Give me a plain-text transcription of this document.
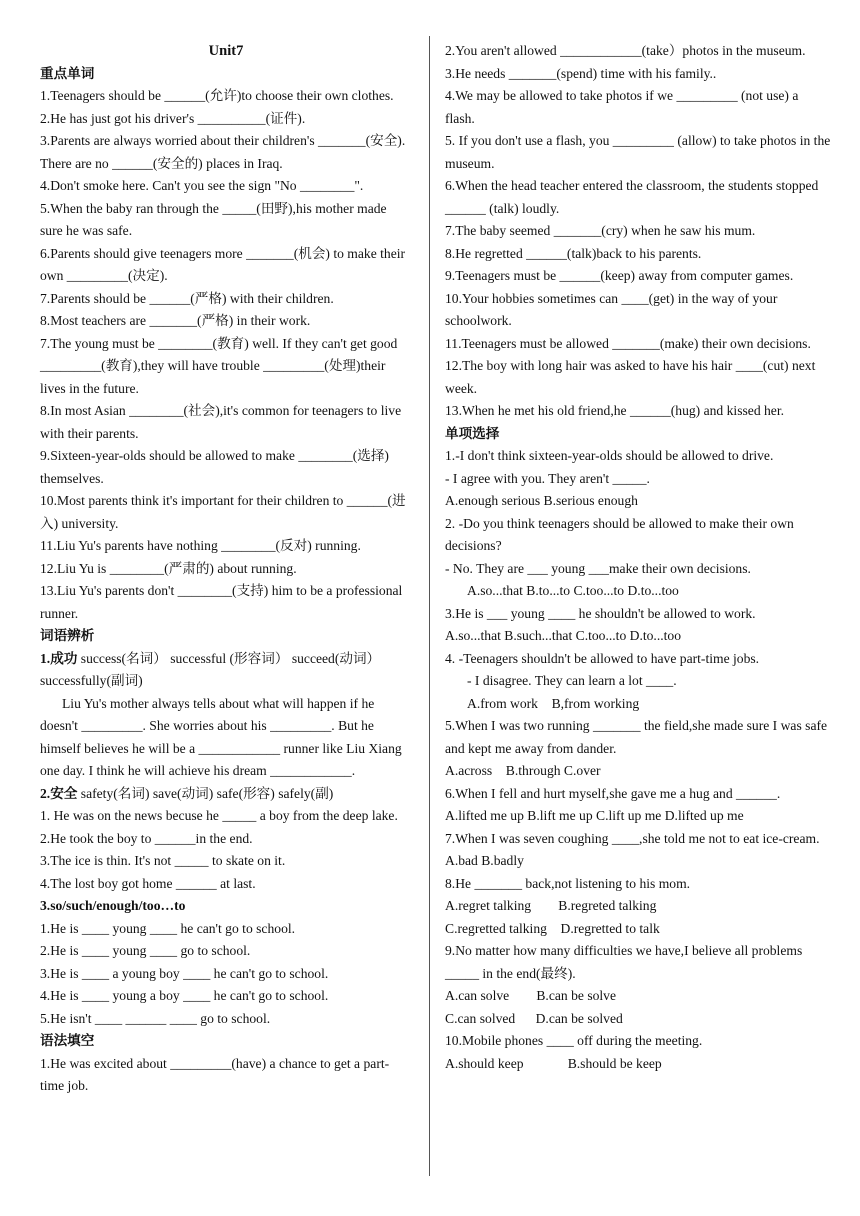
Unit7
重点单词
1.Teenagers should be ______(允许)to choose their own clothes.
2.He has just got his driver's __________(证件).
3.Parents are always worried about their children's _______(安全). There are no ______(安全的) places in Iraq.
4.Don't smoke here. Can't you see the sign "No ________".
5.When the baby ran through the _____(田野),his mother made sure he was safe.
6.Parents should give teenagers more _______(机会) to make their own _________(决定).
7.Parents should be ______(严格) with their children.
8.Most teachers are _______(严格) in their work.
7.The young must be ________(教育) well. If they can't get good _________(教育),they will have trouble _________(处理)their lives in the future.
8.In most Asian ________(社会),it's common for teenagers to live with their parents.
9.Sixteen-year-olds should be allowed to make ________(选择) themselves.
10.Most parents think it's important for their children to ______(进入) university.
11.Liu Yu's parents have nothing ________(反对) running.
12.Liu Yu is ________(严肃的) about running.
13.Liu Yu's parents don't ________(支持) him to be a professional runner.
词语辨析
1.成功 success(名词） successful (形容词） succeed(动词）successfully(副词)
Liu Yu's mother always tells about what will happen if he doesn't _________. She worries about his _________. But he himself believes he will be a ____________ runner like Liu Xiang one day. I think he will achieve his dream ____________.
2.安全 safety(名词) save(动词) safe(形容) safely(副)
1. He was on the news becuse he _____ a boy from the deep lake.
2.He took the boy to ______in the end.
3.The ice is thin. It's not _____ to skate on it.
4.The lost boy got home ______ at last.
3.so/such/enough/too…to
1.He is ____ young ____ he can't go to school.
2.He is ____ young ____ go to school.
3.He is ____ a young boy ____ he can't go to school.
4.He is ____ young a boy ____ he can't go to school.
5.He isn't ____ ______ ____ go to school.
语法填空
1.He was excited about _________(have) a chance to get a part-time job.
2.You aren't allowed ____________(take）photos in the museum.
3.He needs _______(spend) time with his family..
4.We may be allowed to take photos if we _________ (not use) a flash.
5. If you don't use a flash, you _________ (allow) to take photos in the museum.
6.When the head teacher entered the classroom, the students stopped ______ (talk) loudly.
7.The baby seemed _______(cry) when he saw his mum.
8.He regretted ______(talk)back to his parents.
9.Teenagers must be ______(keep) away from computer games.
10.Your hobbies sometimes can ____(get) in the way of your schoolwork.
11.Teenagers must be allowed _______(make) their own decisions.
12.The boy with long hair was asked to have his hair ____(cut) next week.
13.When he met his old friend,he ______(hug) and kissed her.
单项选择
1.-I don't think sixteen-year-olds should be allowed to drive.
- I agree with you. They aren't _____.
A.enough serious B.serious enough
2. -Do you think teenagers should be allowed to make their own decisions?
- No. They are ___ young ___make their own decisions.
A.so...that B.to...to C.too...to D.to...too
3.He is ___ young ____ he shouldn't be allowed to work.
A.so...that B.such...that C.too...to D.to...too
4. -Teenagers shouldn't be allowed to have part-time jobs.
- I disagree. They can learn a lot ____.
A.from work    B,from working
5.When I was two running _______ the field,she made sure I was safe and kept me away from dander.
A.across    B.through C.over
6.When I fell and hurt myself,she gave me a hug and ______.
A.lifted me up B.lift me up C.lift up me D.lifted up me
7.When I was seven coughing ____,she told me not to eat ice-cream. A.bad B.badly
8.He _______ back,not listening to his mom.
A.regret talking        B.regreted talking
C.regretted talking    D.regretted to talk
9.No matter how many difficulties we have,I believe all problems _____ in the end(最终).
A.can solve        B.can be solve
C.can solved      D.can be solved
10.Mobile phones ____ off during the meeting.
A.should keep             B.should be keep
